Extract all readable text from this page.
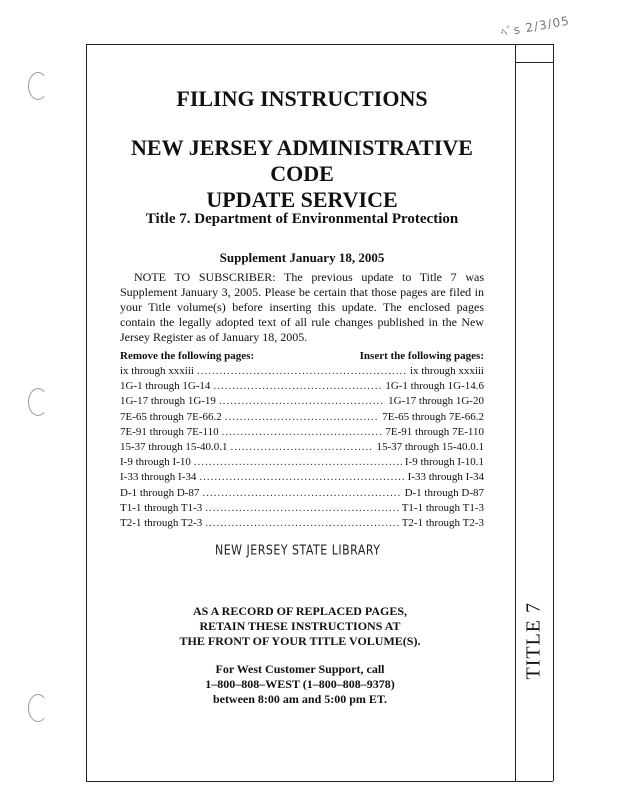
ﾍﾞs 2/3/05
TITLE 7
FILING INSTRUCTIONS
NEW JERSEY ADMINISTRATIVE CODE
UPDATE SERVICE
Title 7. Department of Environmental Protection
Supplement January 18, 2005
NOTE TO SUBSCRIBER: The previous update to Title 7 was Supplement January 3, 2005. Please be certain that those pages are filed in your Title volume(s) before inserting this update. The enclosed pages contain the legally adopted text of all rule changes published in the New Jersey Register as of January 18, 2005.
Remove the following pages:	Insert the following pages:
ix through xxxiii .....	ix through xxxiii
1G-1 through 1G-14 .....	1G-1 through 1G-14.6
1G-17 through 1G-19 .....	1G-17 through 1G-20
7E-65 through 7E-66.2 .....	7E-65 through 7E-66.2
7E-91 through 7E-110 .....	7E-91 through 7E-110
15-37 through 15-40.0.1 .....	15-37 through 15-40.0.1
I-9 through I-10 .....	I-9 through I-10.1
I-33 through I-34 .....	I-33 through I-34
D-1 through D-87 .....	D-1 through D-87
T1-1 through T1-3 .....	T1-1 through T1-3
T2-1 through T2-3 .....	T2-1 through T2-3
NEW JERSEY STATE LIBRARY
AS A RECORD OF REPLACED PAGES,
RETAIN THESE INSTRUCTIONS AT
THE FRONT OF YOUR TITLE VOLUME(S).
For West Customer Support, call
1–800–808–WEST (1–800–808–9378)
between 8:00 am and 5:00 pm ET.
